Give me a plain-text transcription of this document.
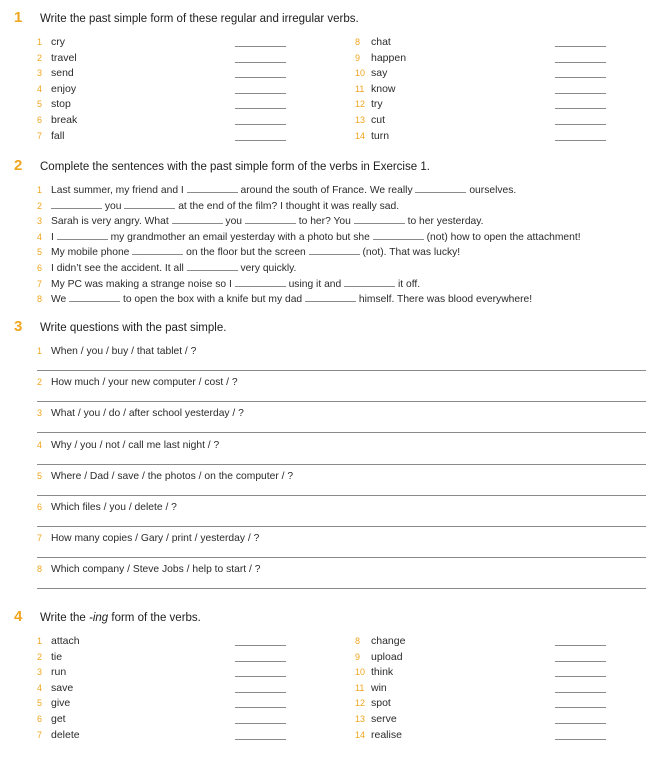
1 Write the past simple form of these regular and irregular verbs.
1 cry
2 travel
3 send
4 enjoy
5 stop
6 break
7 fall
8 chat
9 happen
10 say
11 know
12 try
13 cut
14 turn
2 Complete the sentences with the past simple form of the verbs in Exercise 1.
1 Last summer, my friend and I	around the south of France. We really	ourselves.
2	you	at the end of the film? I thought it was really sad.
3 Sarah is very angry. What	you	to her? You	to her yesterday.
4 I	my grandmother an email yesterday with a photo but she	(not) how to open the attachment!
5 My mobile phone	on the floor but the screen	(not). That was lucky!
6 I didn’t see the accident. It all	very quickly.
7 My PC was making a strange noise so I	using it and	it off.
8 We	to open the box with a knife but my dad	himself. There was blood everywhere!
3 Write questions with the past simple.
1 When / you / buy / that tablet / ?
2 How much / your new computer / cost / ?
3 What / you / do / after school yesterday / ?
4 Why / you / not / call me last night / ?
5 Where / Dad / save / the photos / on the computer / ?
6 Which files / you / delete / ?
7 How many copies / Gary / print / yesterday / ?
8 Which company / Steve Jobs / help to start / ?
4 Write the -ing form of the verbs.
1 attach
2 tie
3 run
4 save
5 give
6 get
7 delete
8 change
9 upload
10 think
11 win
12 spot
13 serve
14 realise
